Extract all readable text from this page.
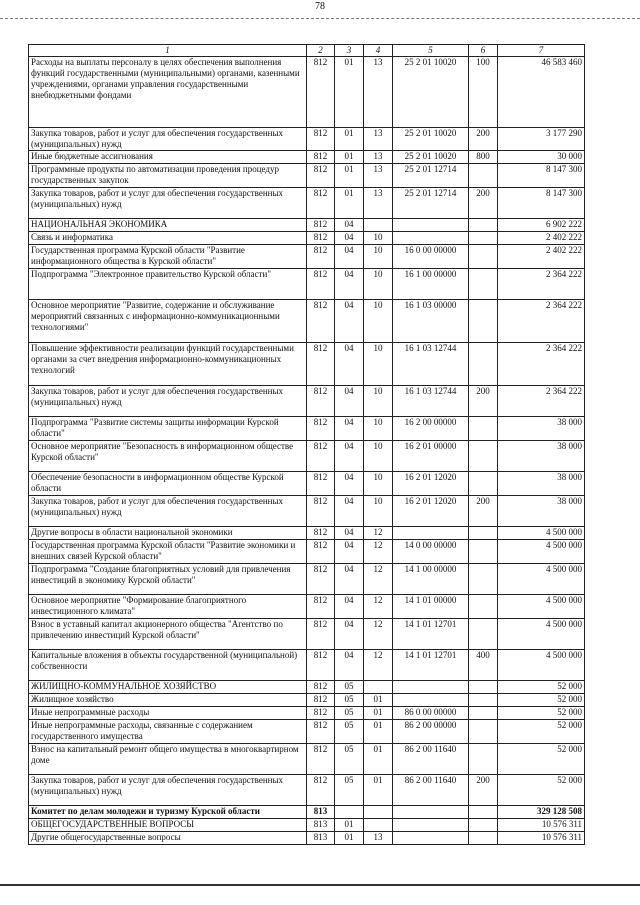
78
1	2	3	4	5	6	7
Расходы на выплаты персоналу в целях обеспечения выполнения функций государственными (муниципальными) органами, казенными учреждениями, органами управления государственными внебюджетными фондами	812	01	13	25 2 01 10020	100	46 583 460
Закупка товаров, работ и услуг для обеспечения государственных (муниципальных) нужд	812	01	13	25 2 01 10020	200	3 177 290
Иные бюджетные ассигнования	812	01	13	25 2 01 10020	800	30 000
Программные продукты по автоматизации проведения процедур государственных закупок	812	01	13	25 2 01 12714		8 147 300
Закупка товаров, работ и услуг для обеспечения государственных (муниципальных) нужд	812	01	13	25 2 01 12714	200	8 147 300
НАЦИОНАЛЬНАЯ ЭКОНОМИКА	812	04				6 902 222
Связь и информатика	812	04	10			2 402 222
Государственная программа Курской области "Развитие информационного общества в Курской области"	812	04	10	16 0 00 00000		2 402 222
Подпрограмма "Электронное правительство Курской области"	812	04	10	16 1 00 00000		2 364 222
Основное мероприятие "Развитие, содержание и обслуживание мероприятий связанных с информационно-коммуникационными технологиями"	812	04	10	16 1 03 00000		2 364 222
Повышение эффективности реализации функций государственными органами за счет внедрения информационно-коммуникационных технологий	812	04	10	16 1 03 12744		2 364 222
Закупка товаров, работ и услуг для обеспечения государственных (муниципальных) нужд	812	04	10	16 1 03 12744	200	2 364 222
Подпрограмма "Развитие системы защиты информации Курской области"	812	04	10	16 2 00 00000		38 000
Основное мероприятие "Безопасность в информационном обществе Курской области"	812	04	10	16 2 01 00000		38 000
Обеспечение безопасности в информационном обществе Курской области	812	04	10	16 2 01 12020		38 000
Закупка товаров, работ и услуг для обеспечения государственных (муниципальных) нужд	812	04	10	16 2 01 12020	200	38 000
Другие вопросы в области национальной экономики	812	04	12			4 500 000
Государственная программа Курской области "Развитие экономики и внешних связей Курской области"	812	04	12	14 0 00 00000		4 500 000
Подпрограмма "Создание благоприятных условий для привлечения инвестиций в экономику Курской области"	812	04	12	14 1 00 00000		4 500 000
Основное мероприятие "Формирование благоприятного инвестиционного климата"	812	04	12	14 1 01 00000		4 500 000
Взнос в уставный капитал акционерного общества "Агентство по привлечению инвестиций Курской области"	812	04	12	14 1 01 12701		4 500 000
Капитальные вложения в объекты государственной (муниципальной) собственности	812	04	12	14 1 01 12701	400	4 500 000
ЖИЛИЩНО-КОММУНАЛЬНОЕ ХОЗЯЙСТВО	812	05				52 000
Жилищное хозяйство	812	05	01			52 000
Иные непрограммные расходы	812	05	01	86 0 00 00000		52 000
Иные непрограммные расходы, связанные с содержанием государственного имущества	812	05	01	86 2 00 00000		52 000
Взнос на капитальный ремонт общего имущества в многоквартирном доме	812	05	01	86 2 00 11640		52 000
Закупка товаров, работ и услуг для обеспечения государственных (муниципальных) нужд	812	05	01	86 2 00 11640	200	52 000
Комитет по делам молодежи и туризму Курской области	813					329 128 508
ОБЩЕГОСУДАРСТВЕННЫЕ ВОПРОСЫ	813	01				10 576 311
Другие общегосударственные вопросы	813	01	13			10 576 311
